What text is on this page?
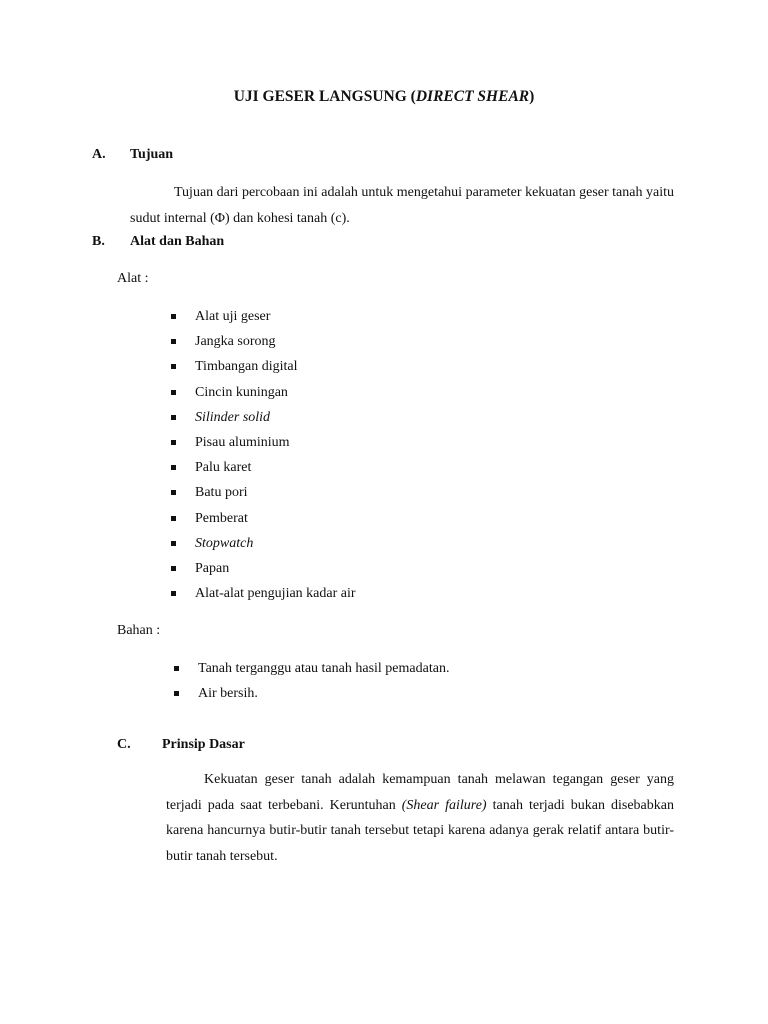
UJI GESER LANGSUNG (DIRECT SHEAR)
A. Tujuan
Tujuan dari percobaan ini adalah untuk mengetahui parameter kekuatan geser tanah yaitu sudut internal (Φ) dan kohesi tanah (c).
B. Alat dan Bahan
Alat :
Alat uji geser
Jangka sorong
Timbangan digital
Cincin kuningan
Silinder solid
Pisau aluminium
Palu karet
Batu pori
Pemberat
Stopwatch
Papan
Alat-alat pengujian kadar air
Bahan :
Tanah terganggu atau tanah hasil pemadatan.
Air bersih.
C. Prinsip Dasar
Kekuatan geser tanah adalah kemampuan tanah melawan tegangan geser yang terjadi pada saat terbebani. Keruntuhan (Shear failure) tanah terjadi bukan disebabkan karena hancurnya butir-butir tanah tersebut tetapi karena adanya gerak relatif antara butir-butir tanah tersebut.
